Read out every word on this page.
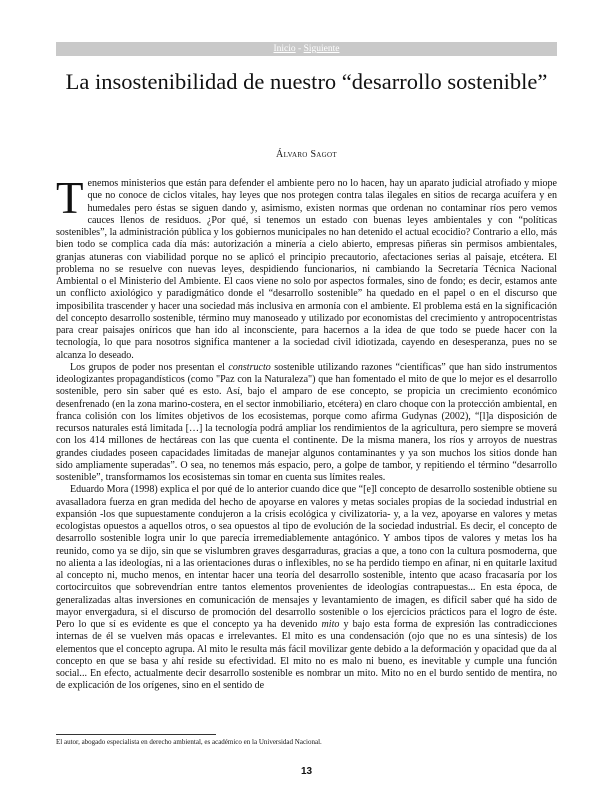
Inicio - Siguiente
La insostenibilidad de nuestro “desarrollo sostenible”
Álvaro Sagot

Tenemos ministerios que están para defender el ambiente pero no lo hacen, hay un aparato judicial atrofiado y miope que no conoce de ciclos vitales, hay leyes que nos protegen contra talas ilegales en sitios de recarga acuífera y en humedales pero éstas se siguen dando y, asimismo, existen normas que ordenan no contaminar ríos pero vemos cauces llenos de residuos. ¿Por qué, si tenemos un estado con buenas leyes ambientales y con “políticas sostenibles”, la administración pública y los gobiernos municipales no han detenido el actual ecocidio? Contrario a ello, más bien todo se complica cada día más: autorización a minería a cielo abierto, empresas piñeras sin permisos ambientales, granjas atuneras con viabilidad porque no se aplicó el principio precautorio, afectaciones serias al paisaje, etcétera. El problema no se resuelve con nuevas leyes, despidiendo funcionarios, ni cambiando la Secretaría Técnica Nacional Ambiental o el Ministerio del Ambiente. El caos viene no solo por aspectos formales, sino de fondo; es decir, estamos ante un conflicto axiológico y paradigmático donde el “desarrollo sostenible” ha quedado en el papel o en el discurso que imposibilita trascender y hacer una sociedad más inclusiva en armonía con el ambiente. El problema está en la significación del concepto desarrollo sostenible, término muy manoseado y utilizado por economistas del crecimiento y antropocentristas para crear paisajes oníricos que han ido al inconsciente, para hacernos a la idea de que todo se puede hacer con la tecnología, lo que para nosotros significa mantener a la sociedad civil idiotizada, cayendo en desesperanza, pues no se alcanza lo deseado.

Los grupos de poder nos presentan el constructo sostenible utilizando razones “científicas” que han sido instrumentos ideologizantes propagandísticos (como "Paz con la Naturaleza") que han fomentado el mito de que lo mejor es el desarrollo sostenible, pero sin saber qué es esto. Así, bajo el amparo de ese concepto, se propicia un crecimiento económico desenfrenado (en la zona marino-costera, en el sector inmobiliario, etcétera) en claro choque con la protección ambiental, en franca colisión con los límites objetivos de los ecosistemas, porque como afirma Gudynas (2002), “[l]a disposición de recursos naturales está limitada […] la tecnología podrá ampliar los rendimientos de la agricultura, pero siempre se moverá con los 414 millones de hectáreas con las que cuenta el continente. De la misma manera, los ríos y arroyos de nuestras grandes ciudades poseen capacidades limitadas de manejar algunos contaminantes y ya son muchos los sitios donde han sido ampliamente superadas”. O sea, no tenemos más espacio, pero, a golpe de tambor, y repitiendo el término “desarrollo sostenible”, transformamos los ecosistemas sin tomar en cuenta sus límites reales.

Eduardo Mora (1998) explica el por qué de lo anterior cuando dice que “[e]l concepto de desarrollo sostenible obtiene su avasalladora fuerza en gran medida del hecho de apoyarse en valores y metas sociales propias de la sociedad industrial en expansión -los que supuestamente condujeron a la crisis ecológica y civilizatoria- y, a la vez, apoyarse en valores y metas ecologistas opuestos a aquellos otros, o sea opuestos al tipo de evolución de la sociedad industrial. Es decir, el concepto de desarrollo sostenible logra unir lo que parecía irremediablemente antagónico. Y ambos tipos de valores y metas los ha reunido, como ya se dijo, sin que se vislumbren graves desgarraduras, gracias a que, a tono con la cultura posmoderna, que no alienta a las ideologías, ni a las orientaciones duras o inflexibles, no se ha perdido tiempo en afinar, ni en quitarle laxitud al concepto ni, mucho menos, en intentar hacer una teoría del desarrollo sostenible, intento que acaso fracasaría por los cortocircuitos que sobrevendrían entre tantos elementos provenientes de ideologías contrapuestas... En esta época, de generalizadas altas inversiones en comunicación de mensajes y levantamiento de imagen, es difícil saber qué ha sido de mayor envergadura, si el discurso de promoción del desarrollo sostenible o los ejercicios prácticos para el logro de éste. Pero lo que sí es evidente es que el concepto ya ha devenido mito y bajo esta forma de expresión las contradicciones internas de él se vuelven más opacas e irrelevantes. El mito es una condensación (ojo que no es una síntesis) de los elementos que el concepto agrupa. Al mito le resulta más fácil movilizar gente debido a la deformación y opacidad que da al concepto en que se basa y ahí reside su efectividad. El mito no es malo ni bueno, es inevitable y cumple una función social... En efecto, actualmente decir desarrollo sostenible es nombrar un mito. Mito no en el burdo sentido de mentira, no de explicación de los orígenes, sino en el sentido de

El autor, abogado especialista en derecho ambiental, es académico en la Universidad Nacional.
13
